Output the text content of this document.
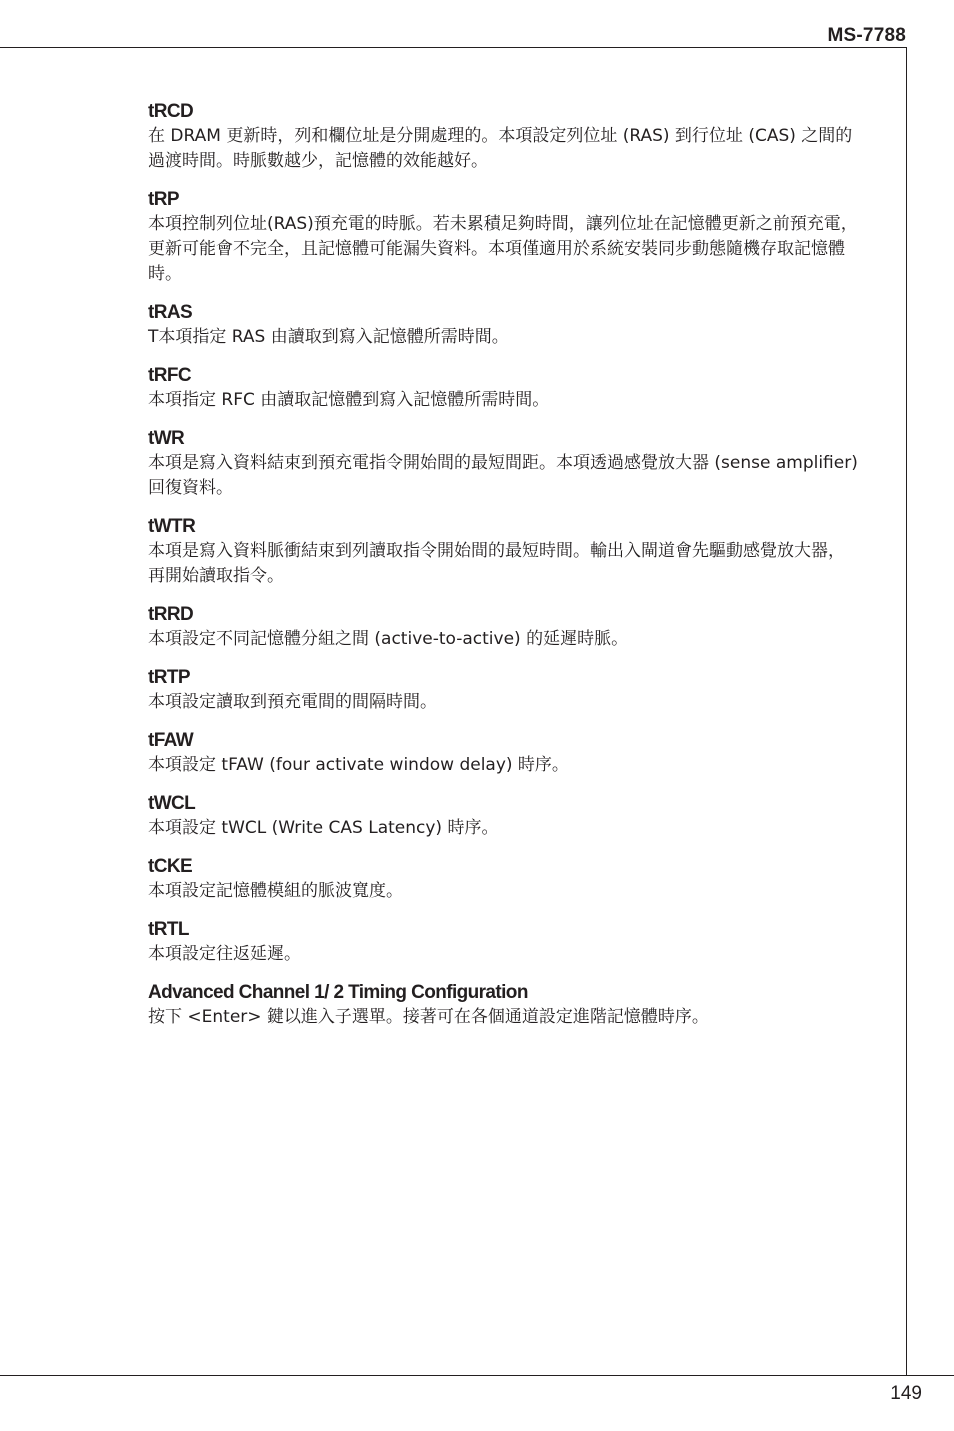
MS-7788
tRCD
在 DRAM 更新時，列和欄位址是分開處理的。本項設定列位址 (RAS) 到行位址 (CAS) 之間的過渡時間。時脈數越少，記憶體的效能越好。
tRP
本項控制列位址(RAS)預充電的時脈。若未累積足夠時間，讓列位址在記憶體更新之前預充電，更新可能會不完全，且記憶體可能漏失資料。本項僅適用於系統安裝同步動態隨機存取記憶體時。
tRAS
T本項指定 RAS 由讀取到寫入記憶體所需時間。
tRFC
本項指定 RFC 由讀取記憶體到寫入記憶體所需時間。
tWR
本項是寫入資料結束到預充電指令開始間的最短間距。本項透過感覺放大器 (sense amplifier)回復資料。
tWTR
本項是寫入資料脈衝結束到列讀取指令開始間的最短時間。輸出入閘道會先驅動感覺放大器，再開始讀取指令。
tRRD
本項設定不同記憶體分組之間 (active-to-active) 的延遲時脈。
tRTP
本項設定讀取到預充電間的間隔時間。
tFAW
本項設定 tFAW (four activate window delay) 時序。
tWCL
本項設定 tWCL (Write CAS Latency) 時序。
tCKE
本項設定記憶體模組的脈波寬度。
tRTL
本項設定往返延遲。
Advanced Channel 1/ 2 Timing Configuration
按下 <Enter> 鍵以進入子選單。接著可在各個通道設定進階記憶體時序。
149
